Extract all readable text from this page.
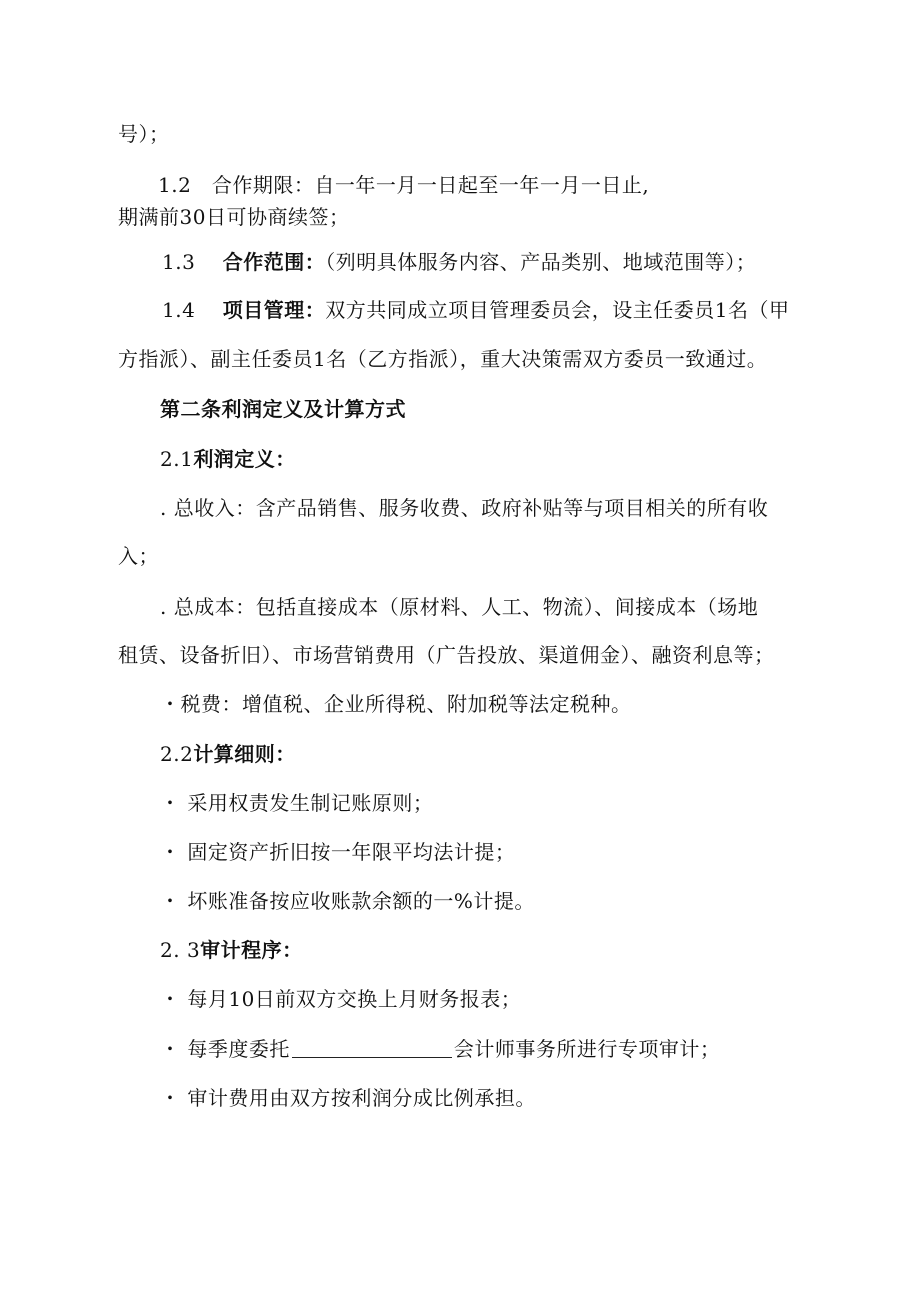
号）；
1.2 合作期限：自一年一月一日起至一年一月一日止,
期满前30日可协商续签；
1.3 合作范围：（列明具体服务内容、产品类别、地域范围等）；
1.4 项目管理：双方共同成立项目管理委员会，设主任委员1名（甲
方指派）、副主任委员1名（乙方指派），重大决策需双方委员一致通过。
第二条利润定义及计算方式
2.1利润定义：
. 总收入：含产品销售、服务收费、政府补贴等与项目相关的所有收
入；
. 总成本：包括直接成本（原材料、人工、物流）、间接成本（场地
租赁、设备折旧）、市场营销费用（广告投放、渠道佣金）、融资利息等；
・税费：增值税、企业所得税、附加税等法定税种。
2.2计算细则：
・ 采用权责发生制记账原则；
・ 固定资产折旧按一年限平均法计提；
・ 坏账准备按应收账款余额的一%计提。
2. 3审计程序：
・ 每月10日前双方交换上月财务报表；
・ 每季度委托	会计师事务所进行专项审计；
・ 审计费用由双方按利润分成比例承担。
